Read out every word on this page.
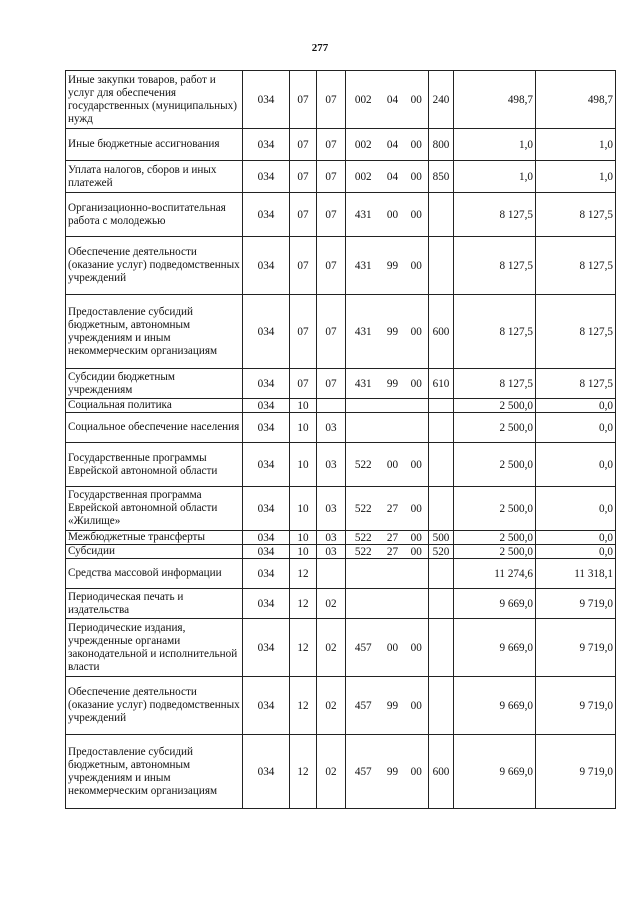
277
Иные закупки товаров, работ и услуг для обеспечения государственных (муниципальных) нужд	034	07	07	002	04	00	240	498,7	498,7
Иные бюджетные ассигнования	034	07	07	002	04	00	800	1,0	1,0
Уплата налогов, сборов и иных платежей	034	07	07	002	04	00	850	1,0	1,0
Организационно-воспитательная работа с молодежью	034	07	07	431	00	00		8 127,5	8 127,5
Обеспечение деятельности (оказание услуг) подведомственных учреждений	034	07	07	431	99	00		8 127,5	8 127,5
Предоставление субсидий бюджетным, автономным учреждениям и иным некоммерческим организациям	034	07	07	431	99	00	600	8 127,5	8 127,5
Субсидии бюджетным учреждениям	034	07	07	431	99	00	610	8 127,5	8 127,5
Социальная политика	034	10						2 500,0	0,0
Социальное обеспечение населения	034	10	03					2 500,0	0,0
Государственные программы Еврейской автономной области	034	10	03	522	00	00		2 500,0	0,0
Государственная программа Еврейской автономной области «Жилище»	034	10	03	522	27	00		2 500,0	0,0
Межбюджетные трансферты	034	10	03	522	27	00	500	2 500,0	0,0
Субсидии	034	10	03	522	27	00	520	2 500,0	0,0
Средства массовой информации	034	12						11 274,6	11 318,1
Периодическая печать и издательства	034	12	02					9 669,0	9 719,0
Периодические издания, учрежденные органами законодательной и исполнительной власти	034	12	02	457	00	00		9 669,0	9 719,0
Обеспечение деятельности (оказание услуг) подведомственных учреждений	034	12	02	457	99	00		9 669,0	9 719,0
Предоставление субсидий бюджетным, автономным учреждениям и иным некоммерческим организациям	034	12	02	457	99	00	600	9 669,0	9 719,0
